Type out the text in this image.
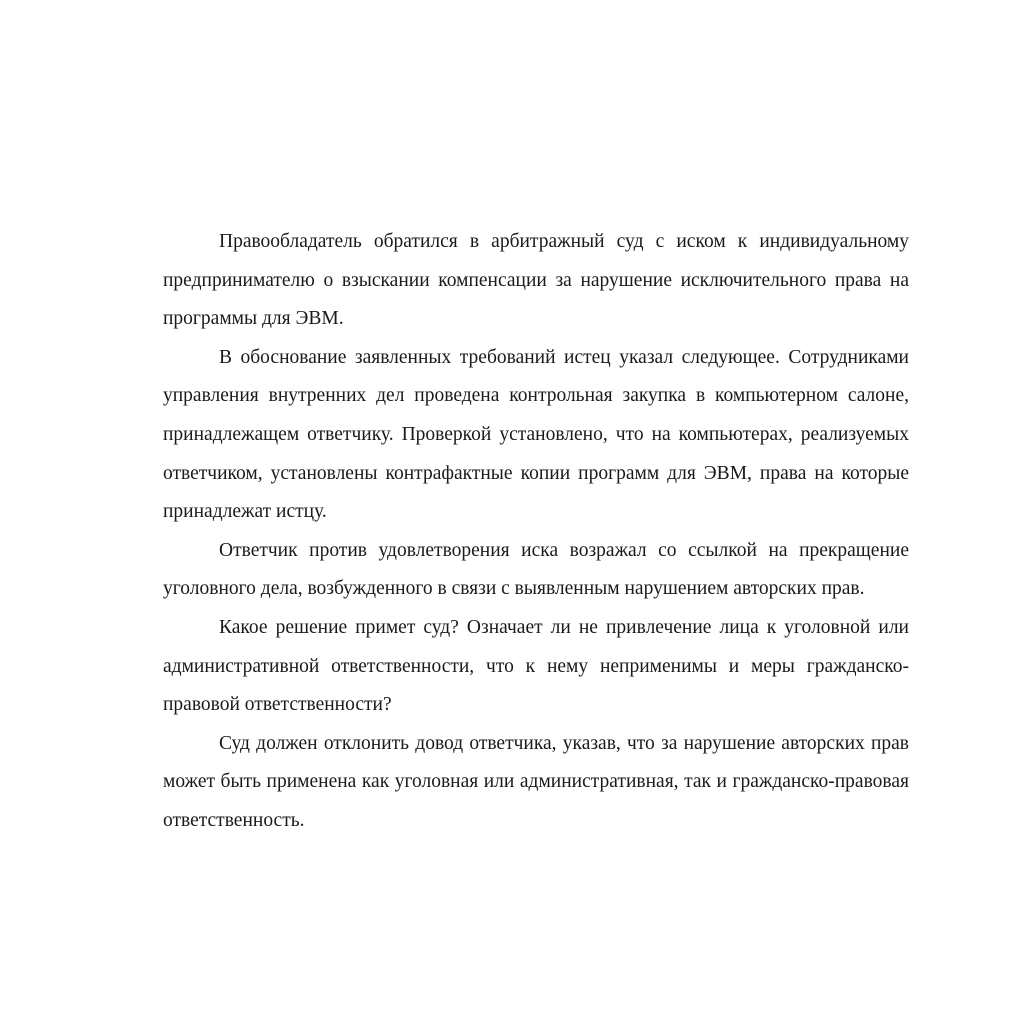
Правообладатель обратился в арбитражный суд с иском к индивидуальному предпринимателю о взыскании компенсации за нарушение исключительного права на программы для ЭВМ.

В обоснование заявленных требований истец указал следующее. Сотрудниками управления внутренних дел проведена контрольная закупка в компьютерном салоне, принадлежащем ответчику. Проверкой установлено, что на компьютерах, реализуемых ответчиком, установлены контрафактные копии программ для ЭВМ, права на которые принадлежат истцу.

Ответчик против удовлетворения иска возражал со ссылкой на прекращение уголовного дела, возбужденного в связи с выявленным нарушением авторских прав.

Какое решение примет суд? Означает ли не привлечение лица к уголовной или административной ответственности, что к нему неприменимы и меры гражданско-правовой ответственности?

Суд должен отклонить довод ответчика, указав, что за нарушение авторских прав может быть применена как уголовная или административная, так и гражданско-правовая ответственность.
